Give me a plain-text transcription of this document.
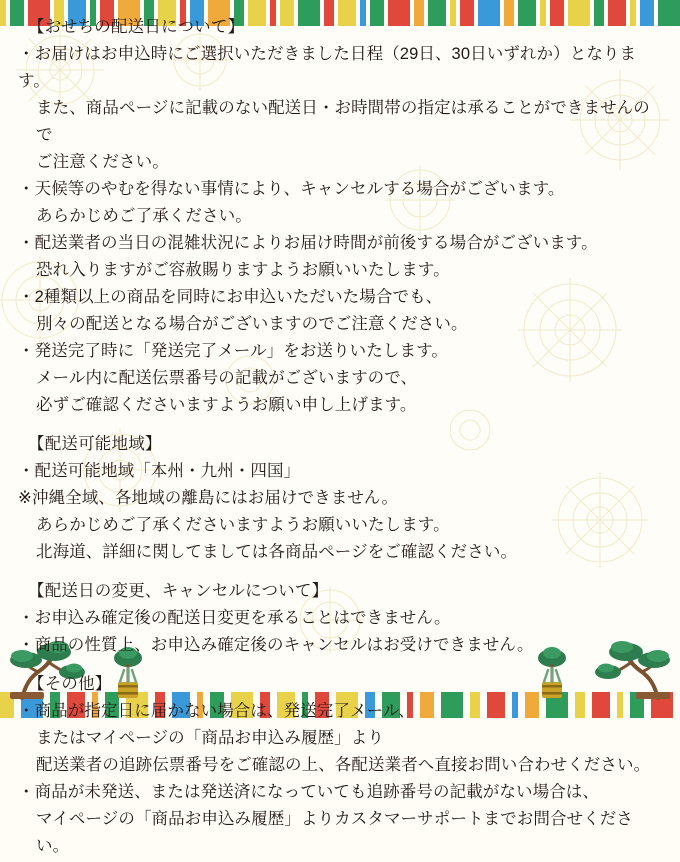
【おせちの配送日について】
・お届けはお申込時にご選択いただきました日程（29日、30日いずれか）となります。
また、商品ページに記載のない配送日・お時間帯の指定は承ることができませんので
ご注意ください。
・天候等のやむを得ない事情により、キャンセルする場合がございます。
あらかじめご了承ください。
・配送業者の当日の混雑状況によりお届け時間が前後する場合がございます。
恐れ入りますがご容赦賜りますようお願いいたします。
・2種類以上の商品を同時にお申込いただいた場合でも、
別々の配送となる場合がございますのでご注意ください。
・発送完了時に「発送完了メール」をお送りいたします。
メール内に配送伝票番号の記載がございますので、
必ずご確認くださいますようお願い申し上げます。
【配送可能地域】
・配送可能地域「本州・九州・四国」
※沖縄全域、各地域の離島にはお届けできません。
あらかじめご了承くださいますようお願いいたします。
北海道、詳細に関してましては各商品ページをご確認ください。
【配送日の変更、キャンセルについて】
・お申込み確定後の配送日変更を承ることはできません。
・商品の性質上、お申込み確定後のキャンセルはお受けできません。
【その他】
・商品が指定日に届かない場合は、発送完了メール、
またはマイページの「商品お申込み履歴」より
配送業者の追跡伝票番号をご確認の上、各配送業者へ直接お問い合わせください。
・商品が未発送、または発送済になっていても追跡番号の記載がない場合は、
マイページの「商品お申込み履歴」よりカスタマーサポートまでお問合せください。
